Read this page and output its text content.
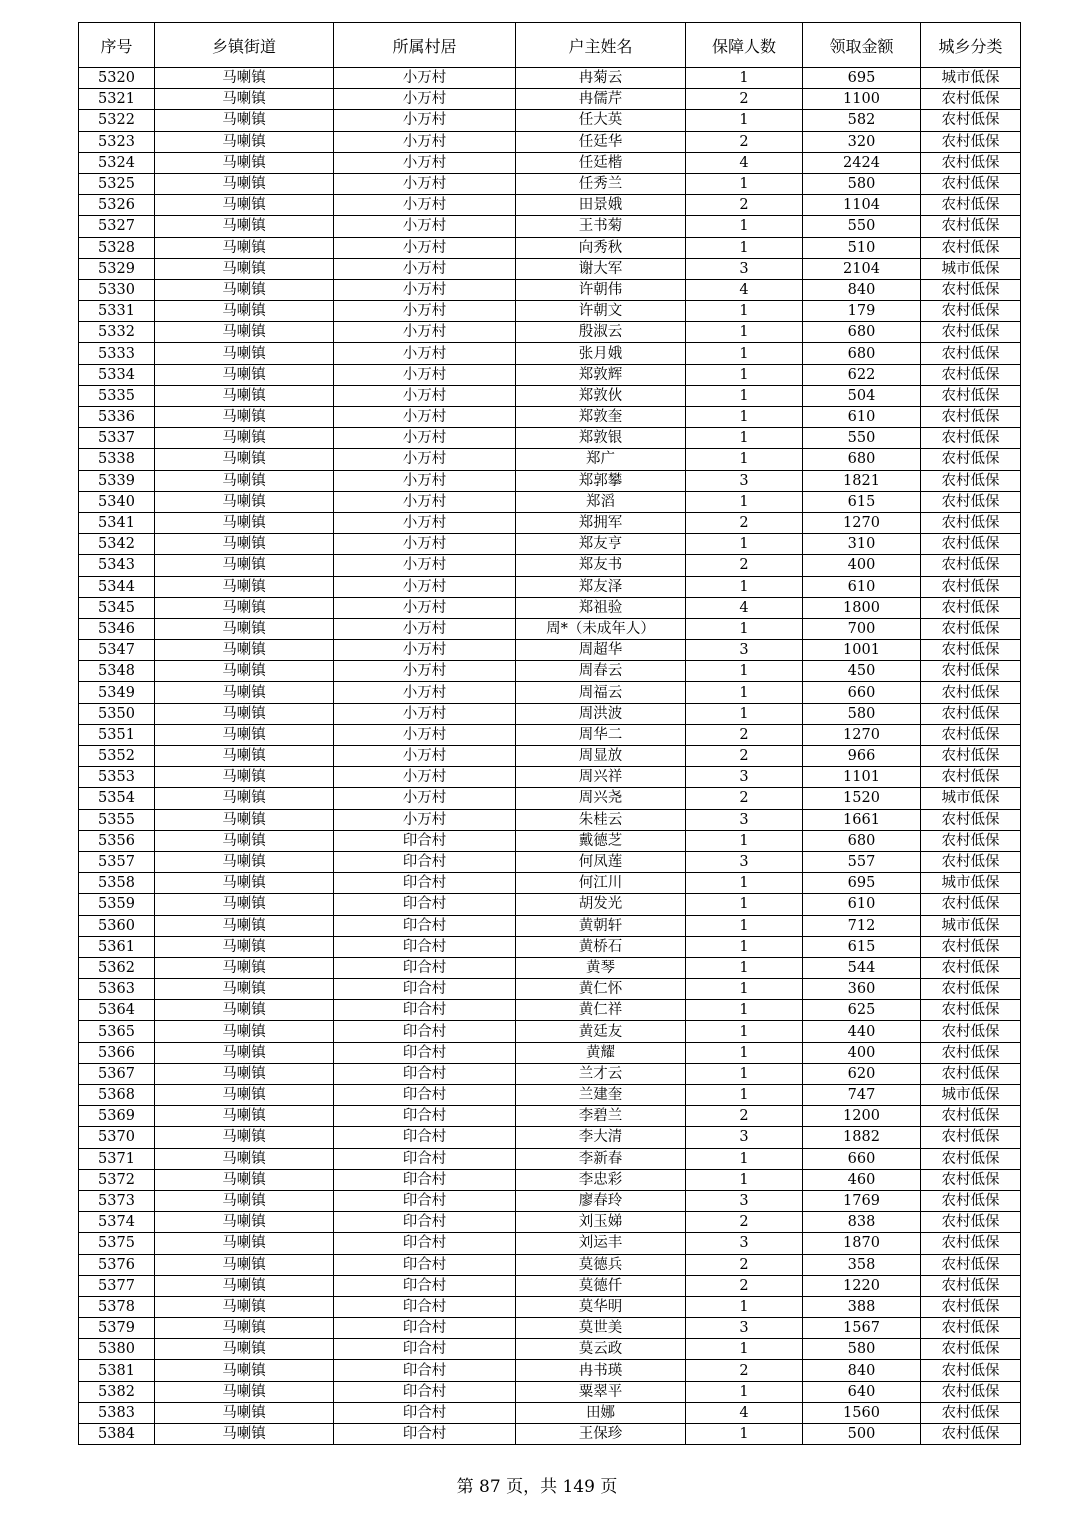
序号	乡镇街道	所属村居	户主姓名	保障人数	领取金额	城乡分类
5320	马喇镇	小万村	冉菊云	1	695	城市低保
5321	马喇镇	小万村	冉儒芹	2	1100	农村低保
5322	马喇镇	小万村	任大英	1	582	农村低保
5323	马喇镇	小万村	任廷华	2	320	农村低保
5324	马喇镇	小万村	任廷楷	4	2424	农村低保
5325	马喇镇	小万村	任秀兰	1	580	农村低保
5326	马喇镇	小万村	田景娥	2	1104	农村低保
5327	马喇镇	小万村	王书菊	1	550	农村低保
5328	马喇镇	小万村	向秀秋	1	510	农村低保
5329	马喇镇	小万村	谢大军	3	2104	城市低保
5330	马喇镇	小万村	许朝伟	4	840	农村低保
5331	马喇镇	小万村	许朝文	1	179	农村低保
5332	马喇镇	小万村	殷淑云	1	680	农村低保
5333	马喇镇	小万村	张月娥	1	680	农村低保
5334	马喇镇	小万村	郑敦辉	1	622	农村低保
5335	马喇镇	小万村	郑敦伙	1	504	农村低保
5336	马喇镇	小万村	郑敦奎	1	610	农村低保
5337	马喇镇	小万村	郑敦银	1	550	农村低保
5338	马喇镇	小万村	郑广	1	680	农村低保
5339	马喇镇	小万村	郑郭攀	3	1821	农村低保
5340	马喇镇	小万村	郑滔	1	615	农村低保
5341	马喇镇	小万村	郑拥军	2	1270	农村低保
5342	马喇镇	小万村	郑友亨	1	310	农村低保
5343	马喇镇	小万村	郑友书	2	400	农村低保
5344	马喇镇	小万村	郑友泽	1	610	农村低保
5345	马喇镇	小万村	郑祖验	4	1800	农村低保
5346	马喇镇	小万村	周*（未成年人）	1	700	农村低保
5347	马喇镇	小万村	周超华	3	1001	农村低保
5348	马喇镇	小万村	周春云	1	450	农村低保
5349	马喇镇	小万村	周福云	1	660	农村低保
5350	马喇镇	小万村	周洪波	1	580	农村低保
5351	马喇镇	小万村	周华二	2	1270	农村低保
5352	马喇镇	小万村	周显放	2	966	农村低保
5353	马喇镇	小万村	周兴祥	3	1101	农村低保
5354	马喇镇	小万村	周兴尧	2	1520	城市低保
5355	马喇镇	小万村	朱桂云	3	1661	农村低保
5356	马喇镇	印合村	戴德芝	1	680	农村低保
5357	马喇镇	印合村	何凤莲	3	557	农村低保
5358	马喇镇	印合村	何江川	1	695	城市低保
5359	马喇镇	印合村	胡发光	1	610	农村低保
5360	马喇镇	印合村	黄朝轩	1	712	城市低保
5361	马喇镇	印合村	黄桥石	1	615	农村低保
5362	马喇镇	印合村	黄琴	1	544	农村低保
5363	马喇镇	印合村	黄仁怀	1	360	农村低保
5364	马喇镇	印合村	黄仁祥	1	625	农村低保
5365	马喇镇	印合村	黄廷友	1	440	农村低保
5366	马喇镇	印合村	黄耀	1	400	农村低保
5367	马喇镇	印合村	兰才云	1	620	农村低保
5368	马喇镇	印合村	兰建奎	1	747	城市低保
5369	马喇镇	印合村	李碧兰	2	1200	农村低保
5370	马喇镇	印合村	李大清	3	1882	农村低保
5371	马喇镇	印合村	李新春	1	660	农村低保
5372	马喇镇	印合村	李忠彩	1	460	农村低保
5373	马喇镇	印合村	廖春玲	3	1769	农村低保
5374	马喇镇	印合村	刘玉娣	2	838	农村低保
5375	马喇镇	印合村	刘运丰	3	1870	农村低保
5376	马喇镇	印合村	莫德兵	2	358	农村低保
5377	马喇镇	印合村	莫德仟	2	1220	农村低保
5378	马喇镇	印合村	莫华明	1	388	农村低保
5379	马喇镇	印合村	莫世美	3	1567	农村低保
5380	马喇镇	印合村	莫云政	1	580	农村低保
5381	马喇镇	印合村	冉书瑛	2	840	农村低保
5382	马喇镇	印合村	粟翠平	1	640	农村低保
5383	马喇镇	印合村	田娜	4	1560	农村低保
5384	马喇镇	印合村	王保珍	1	500	农村低保
第 87 页，共 149 页
